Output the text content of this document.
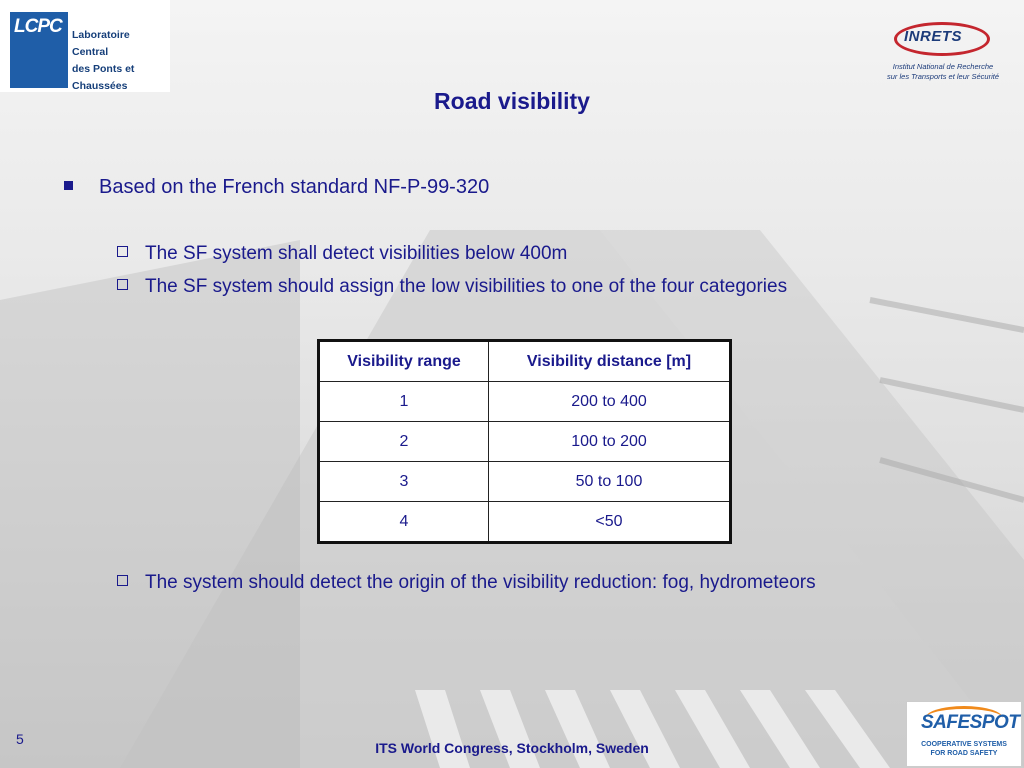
LCPC Laboratoire Central
des Ponts et Chaussées
INRETS
Institut National de Recherche
sur les Transports et leur Sécurité
Road visibility
Based on the French standard NF-P-99-320
The SF system shall detect visibilities below 400m
The SF system should assign the low visibilities to one of the four categories
Visibility range	Visibility distance [m]
1	200 to 400
2	100 to 200
3	50 to 100
4	<50
The system should detect the origin of the visibility reduction: fog, hydrometeors
5
ITS World Congress, Stockholm, Sweden
SAFESPOT
COOPERATIVE SYSTEMS
FOR ROAD SAFETY
